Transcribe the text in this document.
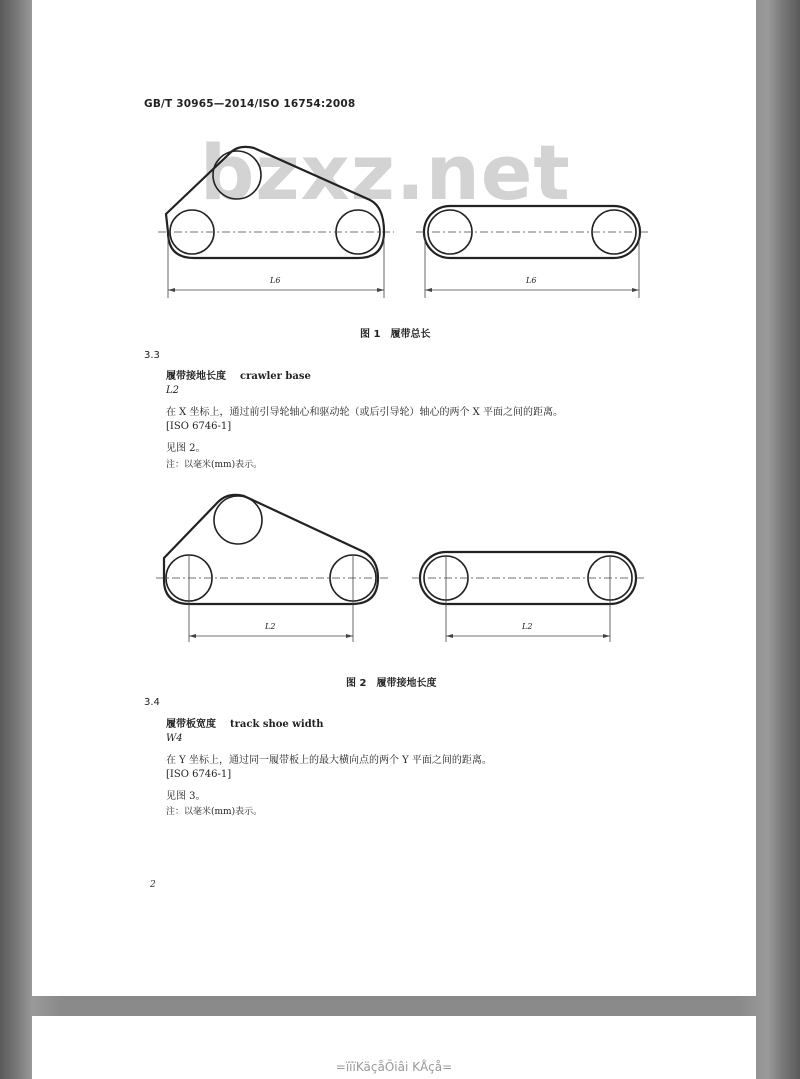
GB/T 30965—2014/ISO 16754:2008
bzxz.net
L6	L6
图 1　履带总长
3.3
履带接地长度 crawler base
L2
在 X 坐标上，通过前引导轮轴心和驱动轮（或后引导轮）轴心的两个 X 平面之间的距离。
[ISO 6746-1]
见图 2。
注：以毫米(mm)表示。
L2	L2
图 2　履带接地长度
3.4
履带板宽度 track shoe width
W4
在 Y 坐标上，通过同一履带板上的最大横向点的两个 Y 平面之间的距离。
[ISO 6746-1]
见图 3。
注：以毫米(mm)表示。
2
=ïïïKäçåÕiâi KÅçå=
